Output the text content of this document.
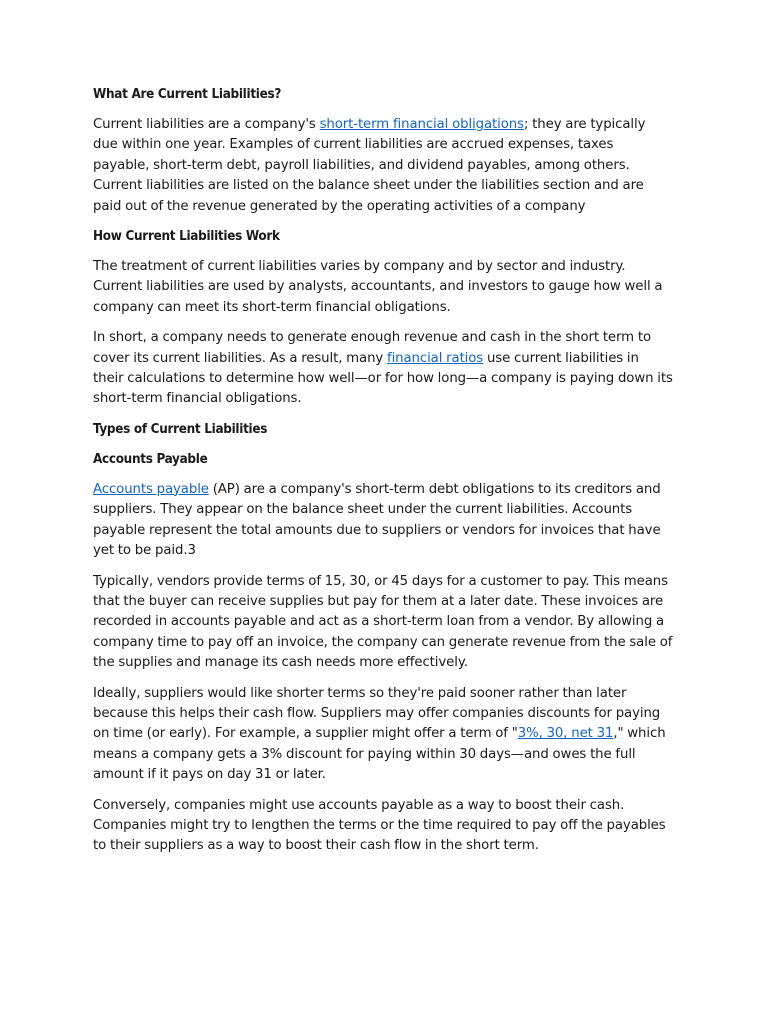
What Are Current Liabilities?

Current liabilities are a company's short-term financial obligations; they are typically due within one year. Examples of current liabilities are accrued expenses, taxes payable, short-term debt, payroll liabilities, and dividend payables, among others. Current liabilities are listed on the balance sheet under the liabilities section and are paid out of the revenue generated by the operating activities of a company

How Current Liabilities Work

The treatment of current liabilities varies by company and by sector and industry. Current liabilities are used by analysts, accountants, and investors to gauge how well a company can meet its short-term financial obligations.

In short, a company needs to generate enough revenue and cash in the short term to cover its current liabilities. As a result, many financial ratios use current liabilities in their calculations to determine how well—or for how long—a company is paying down its short-term financial obligations.

Types of Current Liabilities
Accounts Payable

Accounts payable (AP) are a company's short-term debt obligations to its creditors and suppliers. They appear on the balance sheet under the current liabilities. Accounts payable represent the total amounts due to suppliers or vendors for invoices that have yet to be paid.3

Typically, vendors provide terms of 15, 30, or 45 days for a customer to pay. This means that the buyer can receive supplies but pay for them at a later date. These invoices are recorded in accounts payable and act as a short-term loan from a vendor. By allowing a company time to pay off an invoice, the company can generate revenue from the sale of the supplies and manage its cash needs more effectively.

Ideally, suppliers would like shorter terms so they're paid sooner rather than later because this helps their cash flow. Suppliers may offer companies discounts for paying on time (or early). For example, a supplier might offer a term of "3%, 30, net 31," which means a company gets a 3% discount for paying within 30 days—and owes the full amount if it pays on day 31 or later.

Conversely, companies might use accounts payable as a way to boost their cash. Companies might try to lengthen the terms or the time required to pay off the payables to their suppliers as a way to boost their cash flow in the short term.
